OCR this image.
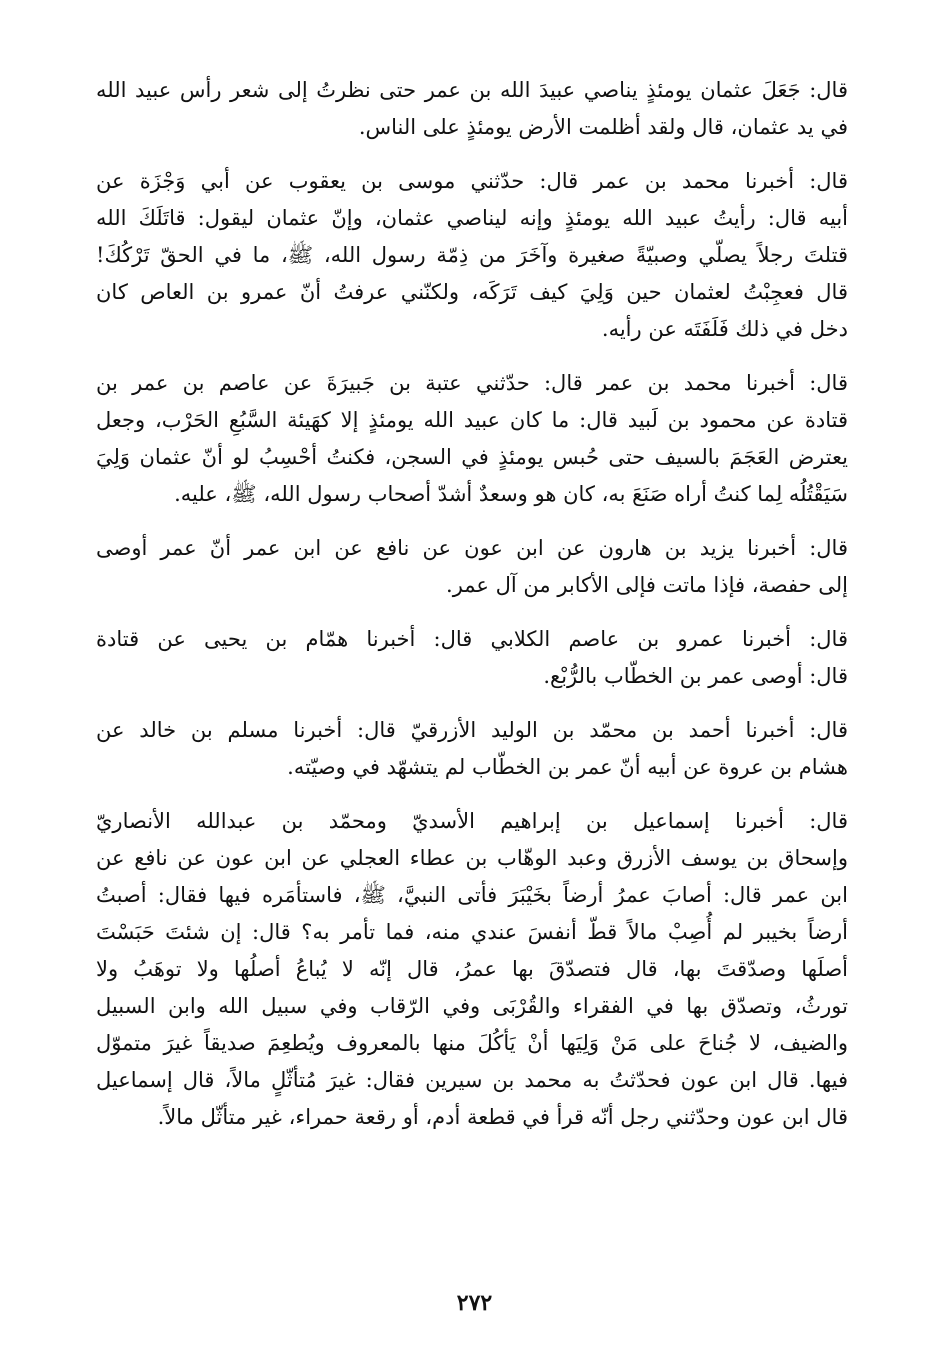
قال: جَعَلَ عثمان يومئذٍ يناصي عبيدَ الله بن عمر حتى نظرتُ إلى شعر رأس عبيد الله

في يد عثمان، قال ولقد أظلمت الأرض يومئذٍ على الناس.

قال: أخبرنا محمد بن عمر قال: حدّثني موسى بن يعقوب عن أبي وَجْزَة عن

أبيه قال: رأيتُ عبيد الله يومئذٍ وإنه ليناصي عثمان، وإنّ عثمان ليقول: قاتَلَكَ الله

قتلتَ رجلاً يصلّي وصبيّةً صغيرة وآخَرَ من ذِمّة رسول الله، ﷺ، ما في الحقّ تَرْكُكَ!

قال فعجِبْتُ لعثمان حين وَلِيَ كيف تَرَكَه، ولكنّني عرفتُ أنّ عمرو بن العاص كان

دخل في ذلك فَلَفَتَه عن رأيه.

قال: أخبرنا محمد بن عمر قال: حدّثني عتبة بن جَبيرَةَ عن عاصم بن عمر بن

قتادة عن محمود بن لَبيد قال: ما كان عبيد الله يومئذٍ إلا كهَيئة السَّبُعِ الحَرْب، وجعل

يعترض العَجَمَ بالسيف حتى حُبس يومئذٍ في السجن، فكنتُ أحْسِبُ لو أنّ عثمان وَلِيَ

سَيَقْتُلُه لِما كنتُ أراه صَنَعَ به، كان هو وسعدٌ أشدّ أصحاب رسول الله، ﷺ، عليه.

قال: أخبرنا يزيد بن هارون عن ابن عون عن نافع عن ابن عمر أنّ عمر أوصى

إلى حفصة، فإذا ماتت فإلى الأكابر من آل عمر.

قال: أخبرنا عمرو بن عاصم الكلابي قال: أخبرنا همّام بن يحيى عن قتادة

قال: أوصى عمر بن الخطّاب بالرُّبْع.

قال: أخبرنا أحمد بن محمّد بن الوليد الأزرقيّ قال: أخبرنا مسلم بن خالد عن

هشام بن عروة عن أبيه أنّ عمر بن الخطّاب لم يتشهّد في وصيّته.

قال: أخبرنا إسماعيل بن إبراهيم الأسديّ ومحمّد بن عبدالله الأنصاريّ

وإسحاق بن يوسف الأزرق وعبد الوهّاب بن عطاء العجلي عن ابن عون عن نافع عن

ابن عمر قال: أصابَ عمرُ أرضاً بخَيْبَرَ فأتى النبيَّ، ﷺ، فاستأمَره فيها فقال: أصبتُ

أرضاً بخيبر لم أُصِبْ مالاً قطّ أنفسَ عندي منه، فما تأمر به؟ قال: إن شئتَ حَبَسْتَ

أصلَها وصدّقتَ بها، قال فتصدّقَ بها عمرُ، قال إنّه لا يُباعُ أصلُها ولا توهَبُ ولا

تورثُ، وتصدّق بها في الفقراء والقُرْبَى وفي الرّقاب وفي سبيل الله وابن السبيل

والضيف، لا جُناحَ على مَنْ وَلِيَها أنْ يَأكُلَ منها بالمعروف ويُطعِمَ صديقاً غيرَ متموّل

فيها. قال ابن عون فحدّثتُ به محمد بن سيرين فقال: غيرَ مُتأثّلٍ مالاً، قال إسماعيل

قال ابن عون وحدّثني رجل أنّه قرأ في قطعة أدم، أو رقعة حمراء، غير متأثّل مالاً.

٢٧٢
